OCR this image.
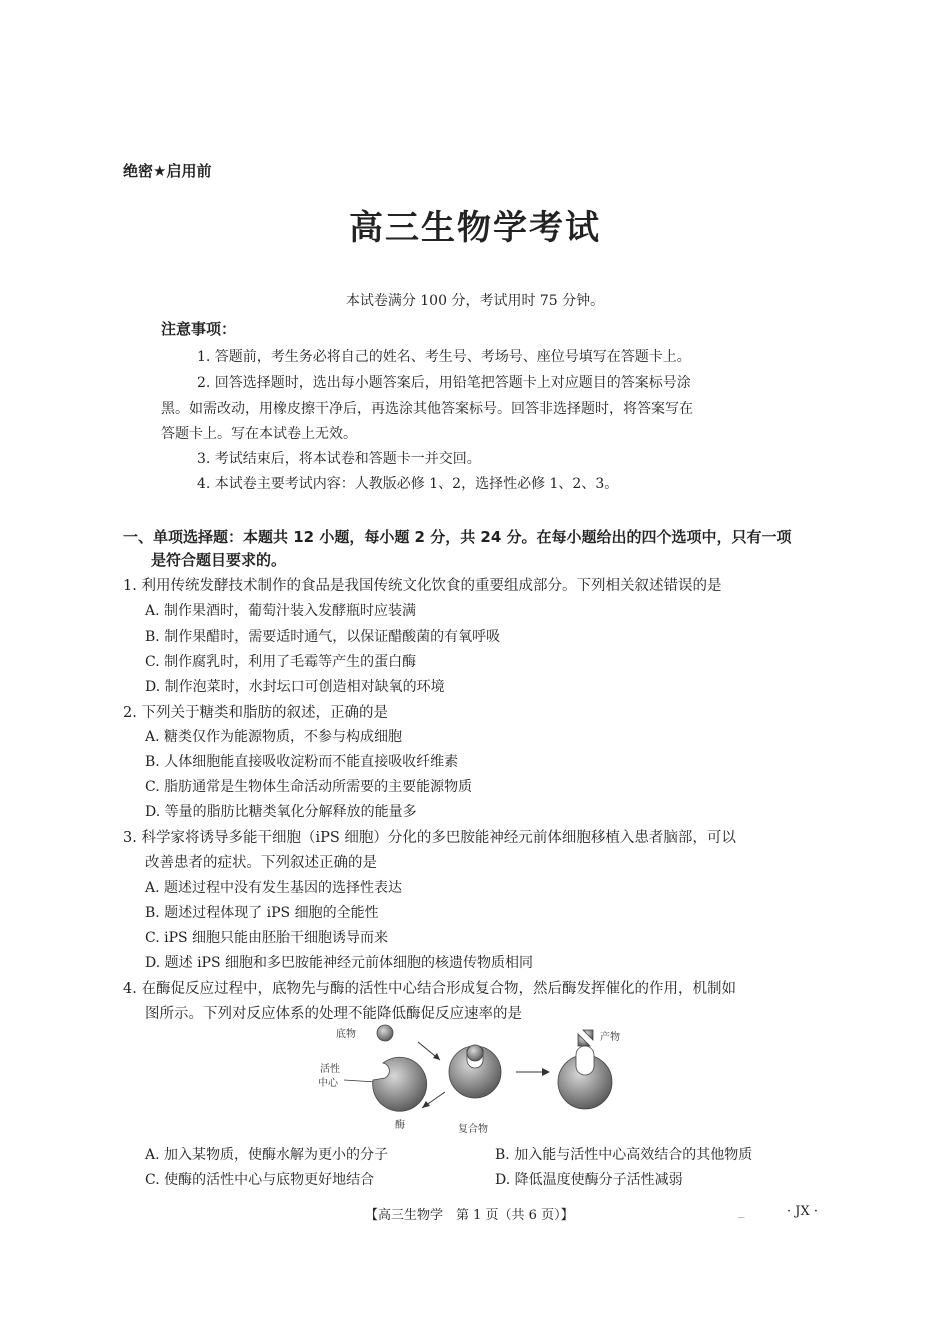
绝密★启用前
高三生物学考试
本试卷满分 100 分，考试用时 75 分钟。
注意事项：
1. 答题前，考生务必将自己的姓名、考生号、考场号、座位号填写在答题卡上。
2. 回答选择题时，选出每小题答案后，用铅笔把答题卡上对应题目的答案标号涂
黑。如需改动，用橡皮擦干净后，再选涂其他答案标号。回答非选择题时，将答案写在
答题卡上。写在本试卷上无效。
3. 考试结束后，将本试卷和答题卡一并交回。
4. 本试卷主要考试内容：人教版必修 1、2，选择性必修 1、2、3。
一、单项选择题：本题共 12 小题，每小题 2 分，共 24 分。在每小题给出的四个选项中，只有一项
是符合题目要求的。
1. 利用传统发酵技术制作的食品是我国传统文化饮食的重要组成部分。下列相关叙述错误的是
A. 制作果酒时，葡萄汁装入发酵瓶时应装满
B. 制作果醋时，需要适时通气，以保证醋酸菌的有氧呼吸
C. 制作腐乳时，利用了毛霉等产生的蛋白酶
D. 制作泡菜时，水封坛口可创造相对缺氧的环境
2. 下列关于糖类和脂肪的叙述，正确的是
A. 糖类仅作为能源物质，不参与构成细胞
B. 人体细胞能直接吸收淀粉而不能直接吸收纤维素
C. 脂肪通常是生物体生命活动所需要的主要能源物质
D. 等量的脂肪比糖类氧化分解释放的能量多
3. 科学家将诱导多能干细胞（iPS 细胞）分化的多巴胺能神经元前体细胞移植入患者脑部，可以
改善患者的症状。下列叙述正确的是
A. 题述过程中没有发生基因的选择性表达
B. 题述过程体现了 iPS 细胞的全能性
C. iPS 细胞只能由胚胎干细胞诱导而来
D. 题述 iPS 细胞和多巴胺能神经元前体细胞的核遗传物质相同
4. 在酶促反应过程中，底物先与酶的活性中心结合形成复合物，然后酶发挥催化的作用，机制如
图所示。下列对反应体系的处理不能降低酶促反应速率的是
底物
活性
中心
酶	复合物
产物
A. 加入某物质，使酶水解为更小的分子	B. 加入能与活性中心高效结合的其他物质
C. 使酶的活性中心与底物更好地结合	D. 降低温度使酶分子活性减弱
【高三生物学　第 1 页（共 6 页）】	_	· JX ·
